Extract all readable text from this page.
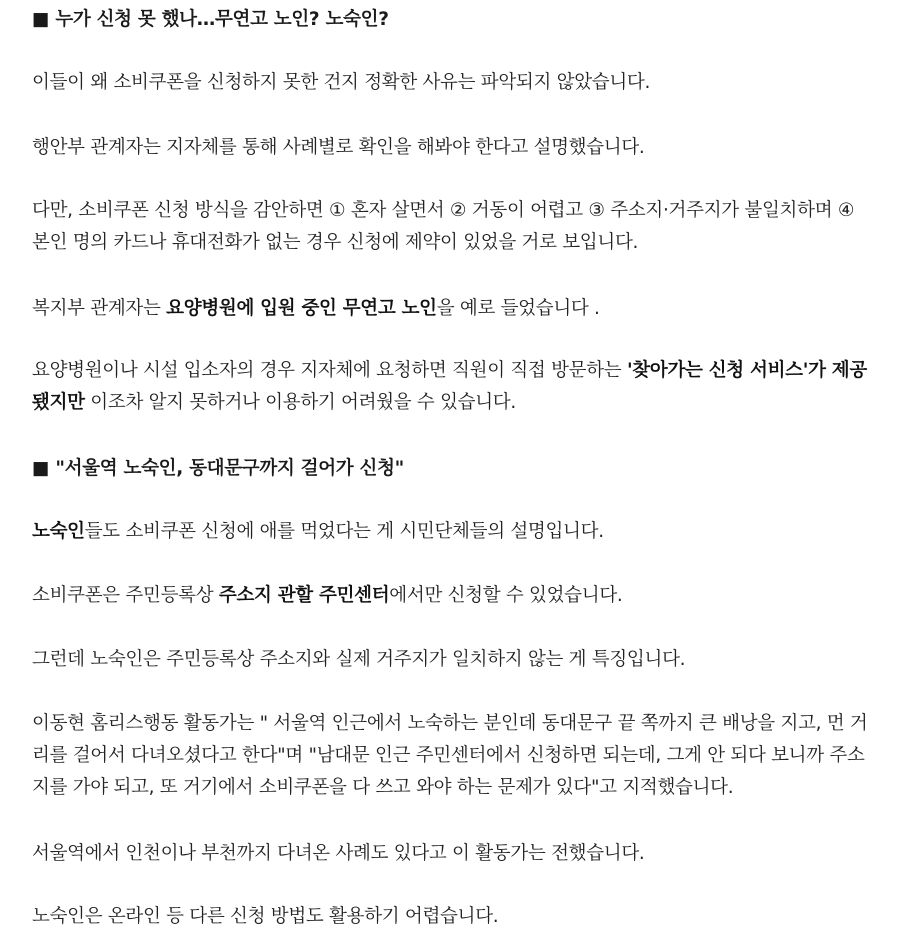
■ 누가 신청 못 했나…무연고 노인? 노숙인?

이들이 왜 소비쿠폰을 신청하지 못한 건지 정확한 사유는 파악되지 않았습니다.

행안부 관계자는 지자체를 통해 사례별로 확인을 해봐야 한다고 설명했습니다.

다만, 소비쿠폰 신청 방식을 감안하면 ① 혼자 살면서 ② 거동이 어렵고 ③ 주소지·거주지가 불일치하며 ④ 본인 명의 카드나 휴대전화가 없는 경우 신청에 제약이 있었을 거로 보입니다.

복지부 관계자는 요양병원에 입원 중인 무연고 노인을 예로 들었습니다 .

요양병원이나 시설 입소자의 경우 지자체에 요청하면 직원이 직접 방문하는 '찾아가는 신청 서비스'가 제공됐지만 이조차 알지 못하거나 이용하기 어려웠을 수 있습니다.

■ "서울역 노숙인, 동대문구까지 걸어가 신청"

노숙인들도 소비쿠폰 신청에 애를 먹었다는 게 시민단체들의 설명입니다.

소비쿠폰은 주민등록상 주소지 관할 주민센터에서만 신청할 수 있었습니다.

그런데 노숙인은 주민등록상 주소지와 실제 거주지가 일치하지 않는 게 특징입니다.

이동현 홈리스행동 활동가는 " 서울역 인근에서 노숙하는 분인데 동대문구 끝 쪽까지 큰 배낭을 지고, 먼 거리를 걸어서 다녀오셨다고 한다"며 "남대문 인근 주민센터에서 신청하면 되는데, 그게 안 되다 보니까 주소지를 가야 되고, 또 거기에서 소비쿠폰을 다 쓰고 와야 하는 문제가 있다"고 지적했습니다.

서울역에서 인천이나 부천까지 다녀온 사례도 있다고 이 활동가는 전했습니다.

노숙인은 온라인 등 다른 신청 방법도 활용하기 어렵습니다.
